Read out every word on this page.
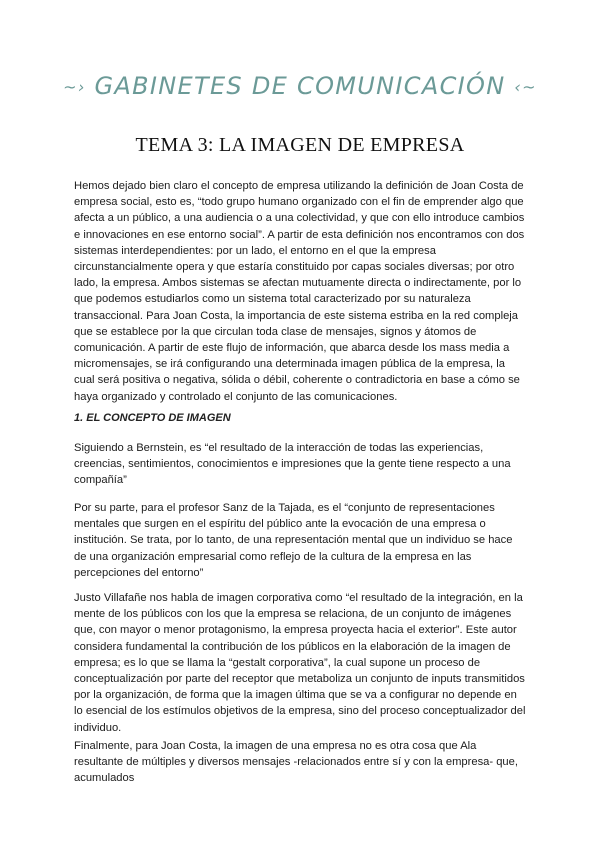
~› GABINETES DE COMUNICACIÓN ‹~
TEMA 3: LA IMAGEN DE EMPRESA

Hemos dejado bien claro el concepto de empresa utilizando la definición de Joan Costa de empresa social, esto es, “todo grupo humano organizado con el fin de emprender algo que afecta a un público, a una audiencia o a una colectividad, y que con ello introduce cambios e innovaciones en ese entorno social”. A partir de esta definición nos encontramos con dos sistemas interdependientes: por un lado, el entorno en el que la empresa circunstancialmente opera y que estaría constituido por capas sociales diversas; por otro lado, la empresa. Ambos sistemas se afectan mutuamente directa o indirectamente, por lo que podemos estudiarlos como un sistema total caracterizado por su naturaleza transaccional. Para Joan Costa, la importancia de este sistema estriba en la red compleja que se establece por la que circulan toda clase de mensajes, signos y átomos de comunicación. A partir de este flujo de información, que abarca desde los mass media a micromensajes, se irá configurando una determinada imagen pública de la empresa, la cual será positiva o negativa, sólida o débil, coherente o contradictoria en base a cómo se haya organizado y controlado el conjunto de las comunicaciones.

1. EL CONCEPTO DE IMAGEN

Siguiendo a Bernstein, es “el resultado de la interacción de todas las experiencias, creencias, sentimientos, conocimientos e impresiones que la gente tiene respecto a una compañía”

Por su parte, para el profesor Sanz de la Tajada, es el “conjunto de representaciones mentales que surgen en el espíritu del público ante la evocación de una empresa o institución. Se trata, por lo tanto, de una representación mental que un individuo se hace de una organización empresarial como reflejo de la cultura de la empresa en las percepciones del entorno”

Justo Villafañe nos habla de imagen corporativa como “el resultado de la integración, en la mente de los públicos con los que la empresa se relaciona, de un conjunto de imágenes que, con mayor o menor protagonismo, la empresa proyecta hacia el exterior”. Este autor considera fundamental la contribución de los públicos en la elaboración de la imagen de empresa; es lo que se llama la “gestalt corporativa”, la cual supone un proceso de conceptualización por parte del receptor que metaboliza un conjunto de inputs transmitidos por la organización, de forma que la imagen última que se va a configurar no depende en lo esencial de los estímulos objetivos de la empresa, sino del proceso conceptualizador del individuo.

Finalmente, para Joan Costa, la imagen de una empresa no es otra cosa que Ala resultante de múltiples y diversos mensajes -relacionados entre sí y con la empresa- que, acumulados
